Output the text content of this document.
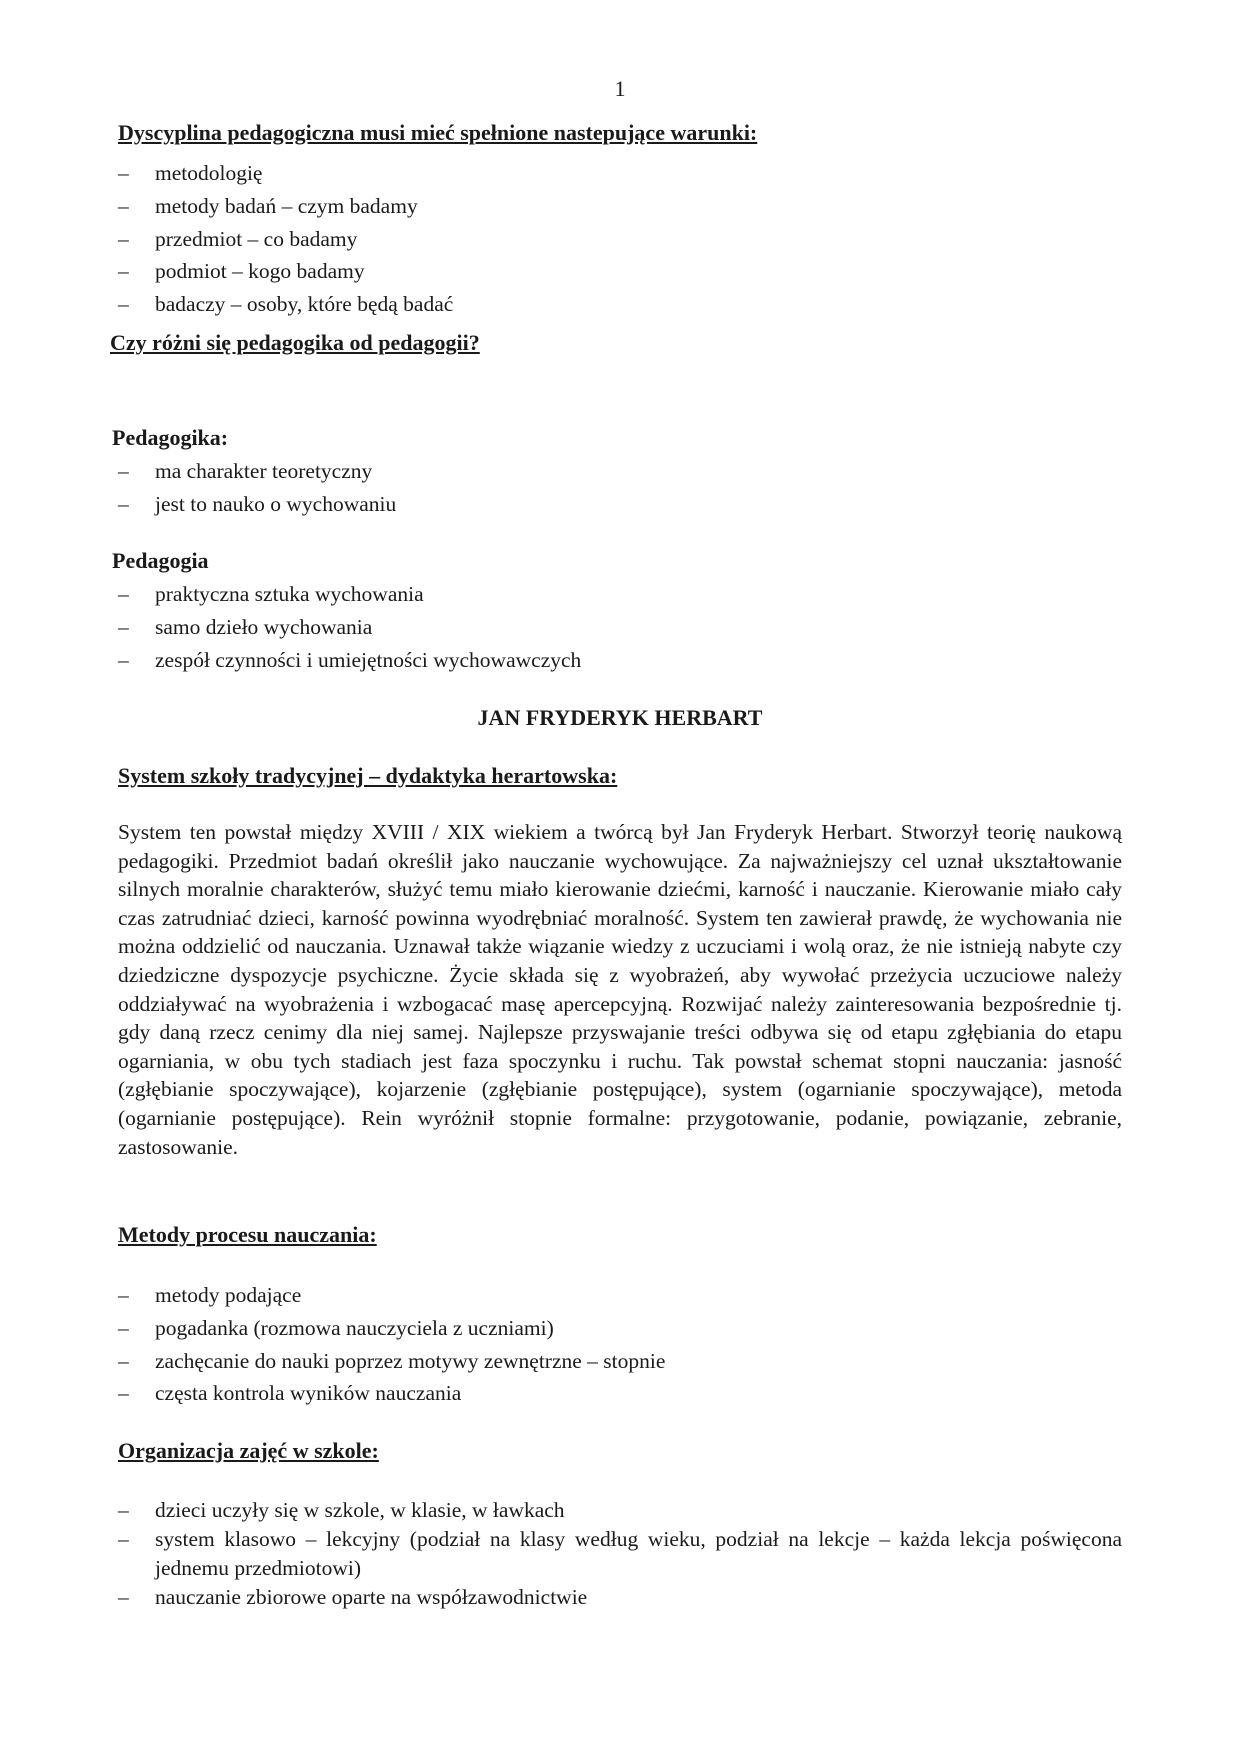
1

Dyscyplina pedagogiczna musi mieć spełnione nastepujące warunki:

– metodologię
– metody badań – czym badamy
– przedmiot – co badamy
– podmiot – kogo badamy
– badaczy – osoby, które będą badać

Czy różni się pedagogika od pedagogii?

Pedagogika:

– ma charakter teoretyczny
– jest to nauko o wychowaniu

Pedagogia

– praktyczna sztuka wychowania
– samo dzieło wychowania
– zespół czynności i umiejętności wychowawczych

JAN FRYDERYK HERBART

System szkoły tradycyjnej – dydaktyka herartowska:

System ten powstał między XVIII / XIX wiekiem a twórcą był Jan Fryderyk Herbart. Stworzył teorię naukową pedagogiki. Przedmiot badań określił jako nauczanie wychowujące. Za najważniejszy cel uznał ukształtowanie silnych moralnie charakterów, służyć temu miało kierowanie dziećmi, karność i nauczanie. Kierowanie miało cały czas zatrudniać dzieci, karność powinna wyodrębniać moralność. System ten zawierał prawdę, że wychowania nie można oddzielić od nauczania. Uznawał także wiązanie wiedzy z uczuciami i wolą oraz, że nie istnieją nabyte czy dziedziczne dyspozycje psychiczne. Życie składa się z wyobrażeń, aby wywołać przeżycia uczuciowe należy oddziaływać na wyobrażenia i wzbogacać masę apercepcyjną. Rozwijać należy zainteresowania bezpośrednie tj. gdy daną rzecz cenimy dla niej samej. Najlepsze przyswajanie treści odbywa się od etapu zgłębiania do etapu ogarniania, w obu tych stadiach jest faza spoczynku i ruchu. Tak powstał schemat stopni nauczania: jasność (zgłębianie spoczywające), kojarzenie (zgłębianie postępujące), system (ogarnianie spoczywające), metoda (ogarnianie postępujące). Rein wyróżnił stopnie formalne: przygotowanie, podanie, powiązanie, zebranie, zastosowanie.

Metody procesu nauczania:

– metody podające
– pogadanka (rozmowa nauczyciela z uczniami)
– zachęcanie do nauki poprzez motywy zewnętrzne – stopnie
– częsta kontrola wyników nauczania

Organizacja zajęć w szkole:

– dzieci uczyły się w szkole, w klasie, w ławkach
– system klasowo – lekcyjny (podział na klasy według wieku, podział na lekcje – każda lekcja poświęcona jednemu przedmiotowi)
– nauczanie zbiorowe oparte na współzawodnictwie
